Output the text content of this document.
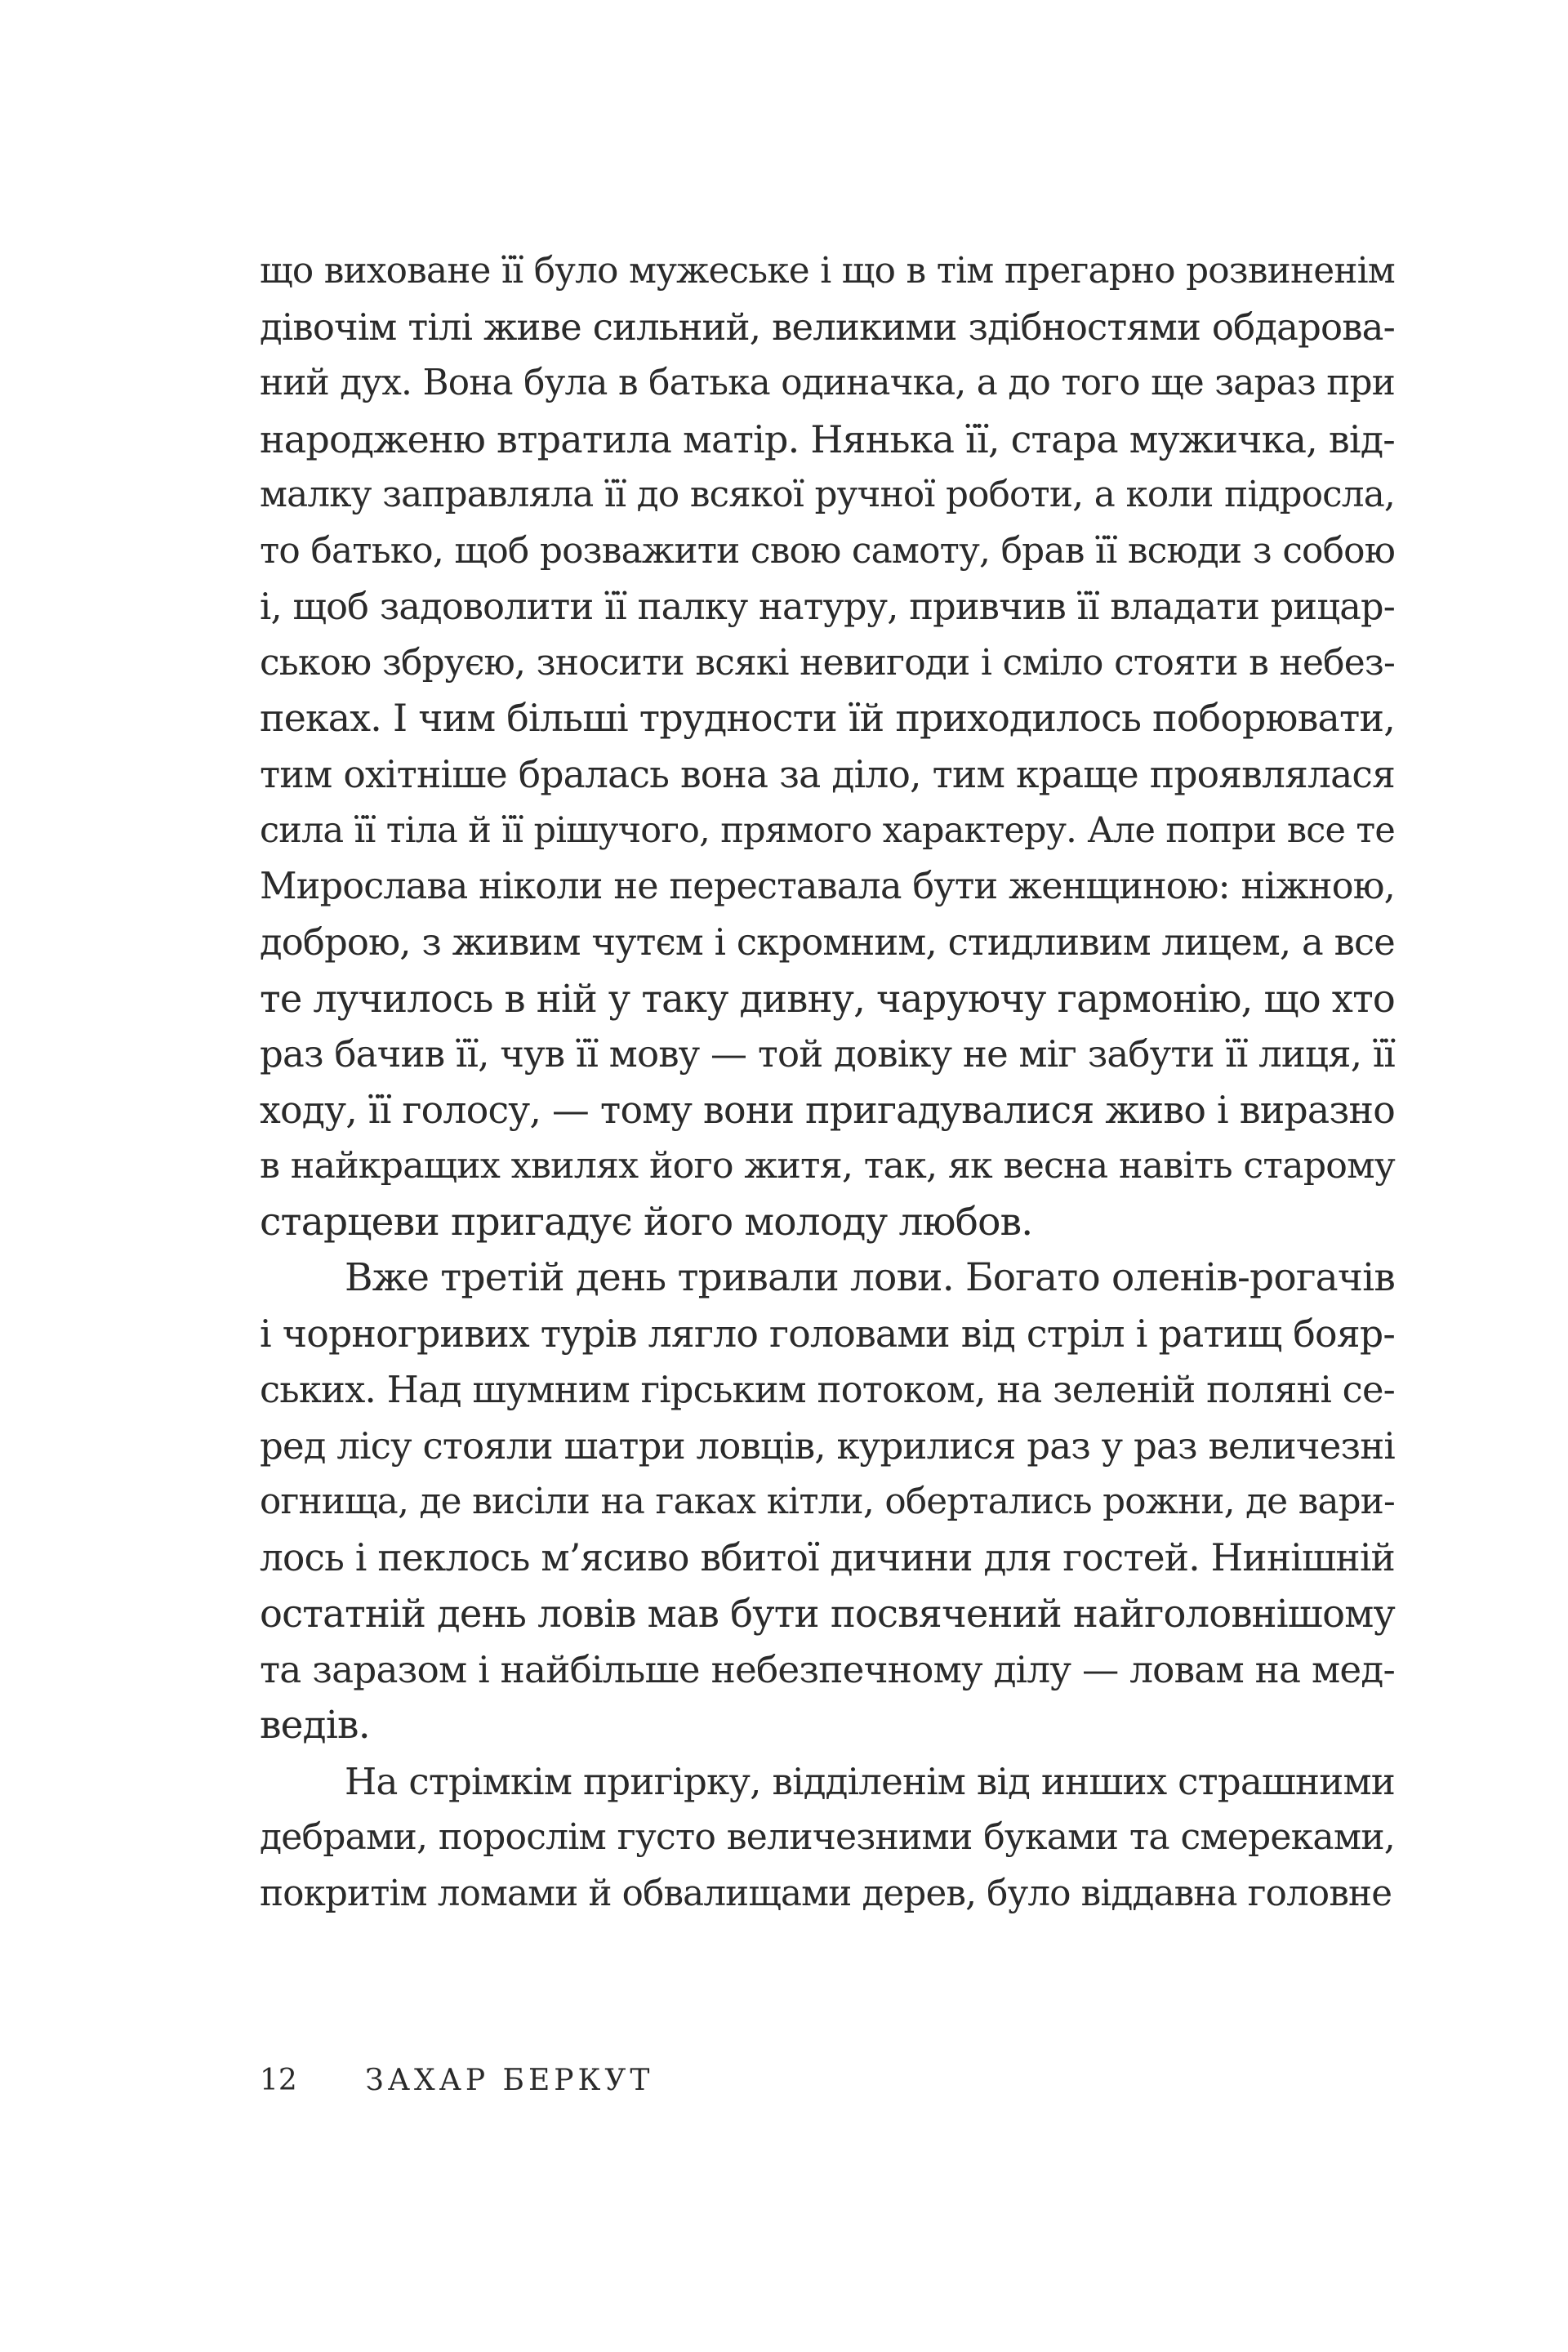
що виховане її було мужеське і що в тім прегарно розвиненім
дівочім тілі живе сильний, великими здібностями обдарова-
ний дух. Вона була в батька одиначка, а до того ще зараз при
народженю втратила матір. Нянька її, стара мужичка, від-
малку заправляла її до всякої ручної роботи, а коли підросла,
то батько, щоб розважити свою самоту, брав її всюди з собою
і, щоб задоволити її палку натуру, привчив її владати рицар-
ською збруєю, зносити всякі невигоди і сміло стояти в небез-
пеках. І чим більші трудности їй приходилось поборювати,
тим охітніше бралась вона за діло, тим краще проявлялася
сила її тіла й її рішучого, прямого характеру. Але попри все те
Мирослава ніколи не переставала бути женщиною: ніжною,
доброю, з живим чутєм і скромним, стидливим лицем, а все
те лучилось в ній у таку дивну, чаруючу гармонію, що хто
раз бачив її, чув її мову — той довіку не міг забути її лиця, її
ходу, її голосу, — тому вони пригадувалися живо і виразно
в найкращих хвилях його житя, так, як весна навіть старому
старцеви пригадує його молоду любов.
Вже третій день тривали лови. Богато оленів-рогачів
і чорногривих турів лягло головами від стріл і ратищ бояр-
ських. Над шумним гірським потоком, на зеленій поляні се-
ред лісу стояли шатри ловців, курилися раз у раз величезні
огнища, де висіли на гаках кітли, обертались рожни, де вари-
лось і пеклось м’ясиво вбитої дичини для гостей. Нинішній
остатній день ловів мав бути посвячений найголовнішому
та заразом і найбільше небезпечному ділу — ловам на мед-
ведів.
На стрімкім пригірку, відділенім від инших страшними
дебрами, порослім густо величезними буками та смереками,
покритім ломами й обвалищами дерев, було віддавна головне
12 ЗАХАР БЕРКУТ
